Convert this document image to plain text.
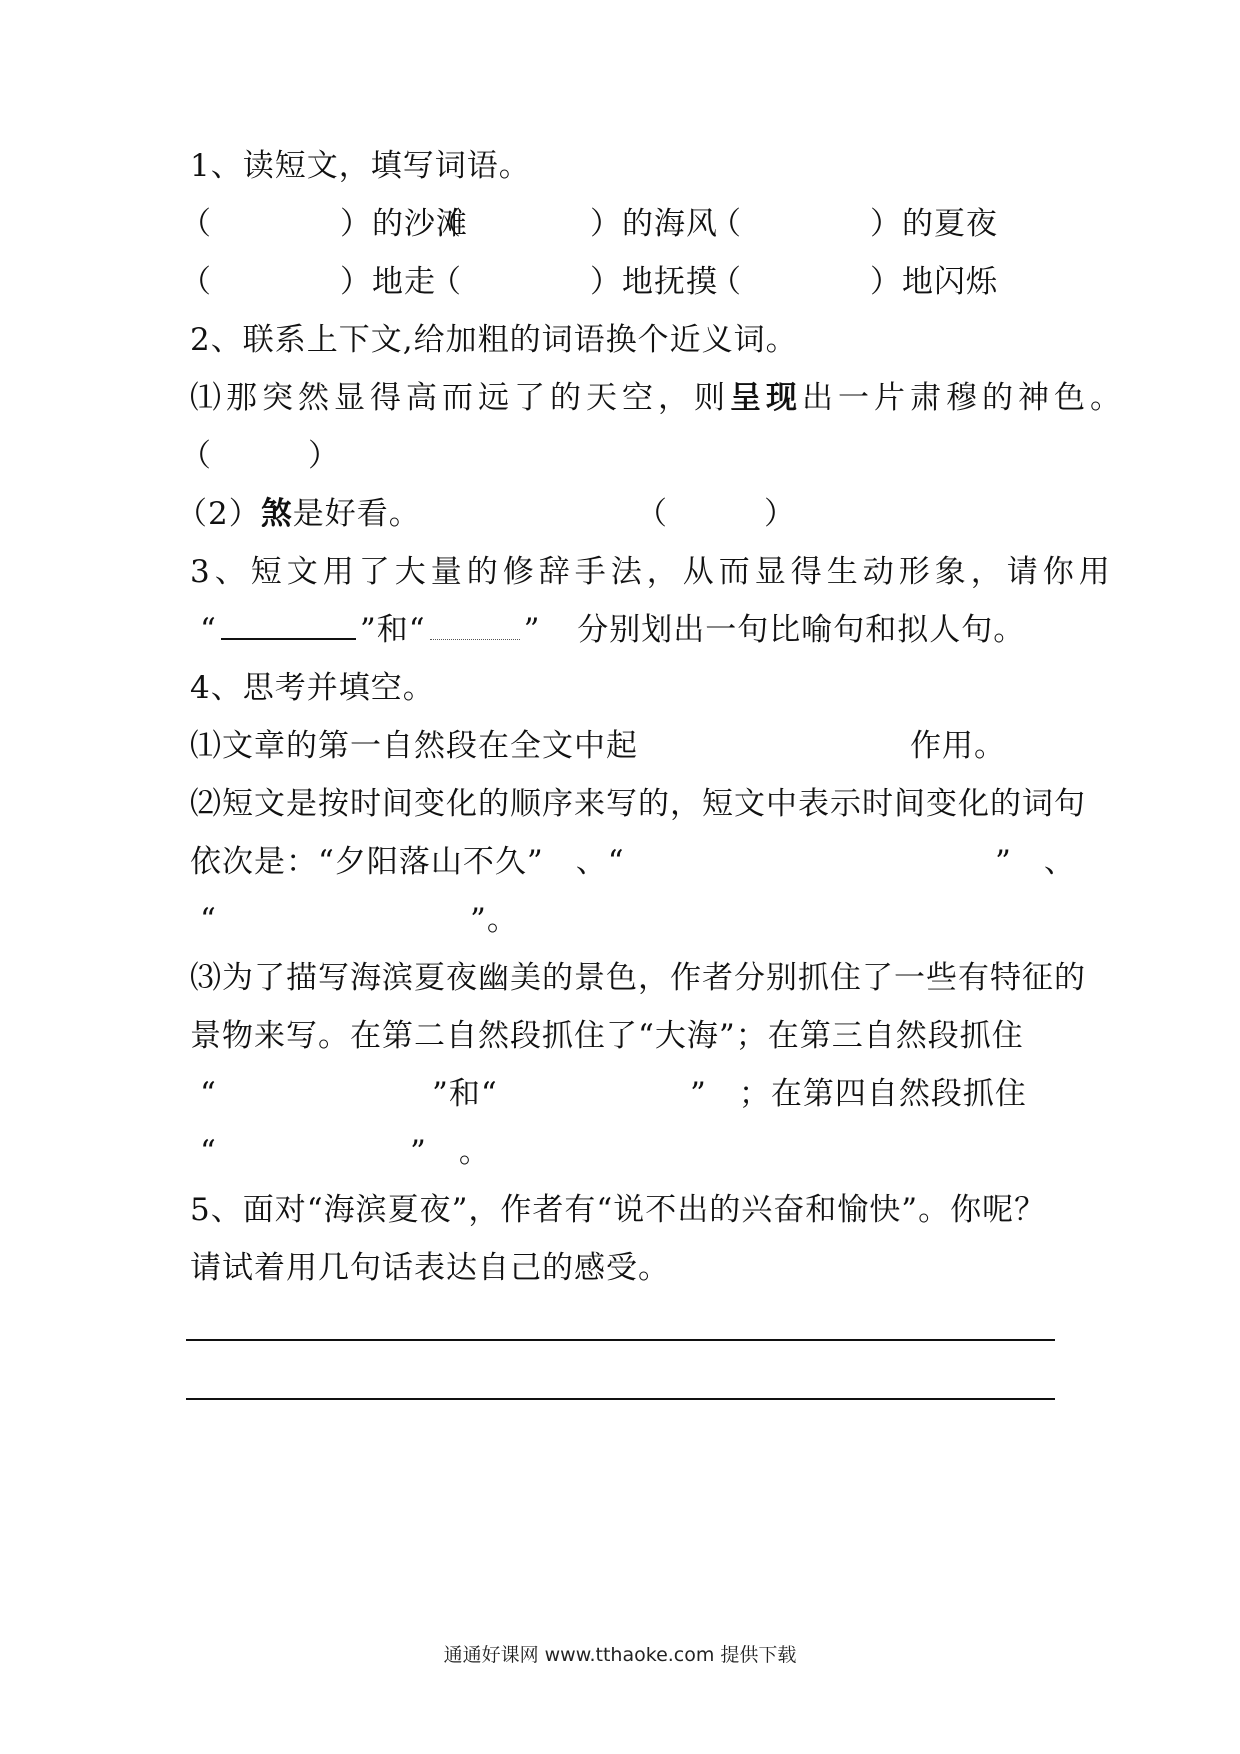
1、读短文，填写词语。
（　　　　）的沙滩
（　　　　）的海风
（　　　　）的夏夜
（　　　　）地走
（　　　　）地抚摸
（　　　　）地闪烁
2、联系上下文,给加粗的词语换个近义词。
⑴那突然显得高而远了的天空，则呈现出一片肃穆的神色。
（　　　）
（2）煞是好看。	（　　　）
3、短文用了大量的修辞手法，从而显得生动形象，请你用
“	”和“	” 分别划出一句比喻句和拟人句。
4、思考并填空。
⑴文章的第一自然段在全文中起	作用。
⑵短文是按时间变化的顺序来写的，短文中表示时间变化的词句
依次是：“夕阳落山不久”　、“	”　、
“	”。
⑶为了描写海滨夏夜幽美的景色，作者分别抓住了一些有特征的
景物来写。在第二自然段抓住了“大海”；在第三自然段抓住
“	”和“	”　；在第四自然段抓住
“	”　。
5、面对“海滨夏夜”，作者有“说不出的兴奋和愉快”。你呢？
请试着用几句话表达自己的感受。
通通好课网 www.tthaoke.com 提供下载
